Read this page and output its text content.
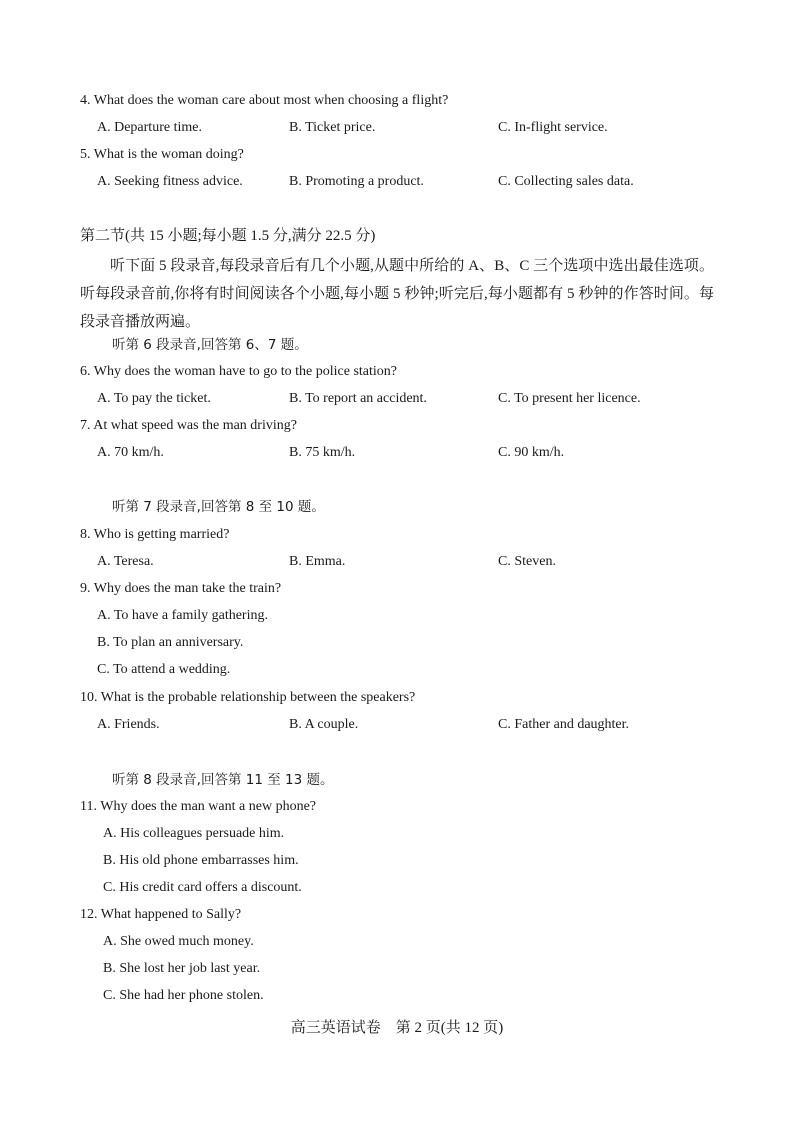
4. What does the woman care about most when choosing a flight?
A. Departure time.	B. Ticket price.	C. In-flight service.
5. What is the woman doing?
A. Seeking fitness advice.	B. Promoting a product.	C. Collecting sales data.
第二节(共 15 小题;每小题 1.5 分,满分 22.5 分)
听下面 5 段录音,每段录音后有几个小题,从题中所给的 A、B、C 三个选项中选出最佳选项。听每段录音前,你将有时间阅读各个小题,每小题 5 秒钟;听完后,每小题都有 5 秒钟的作答时间。每段录音播放两遍。
听第 6 段录音,回答第 6、7 题。
6. Why does the woman have to go to the police station?
A. To pay the ticket.	B. To report an accident.	C. To present her licence.
7. At what speed was the man driving?
A. 70 km/h.	B. 75 km/h.	C. 90 km/h.
听第 7 段录音,回答第 8 至 10 题。
8. Who is getting married?
A. Teresa.	B. Emma.	C. Steven.
9. Why does the man take the train?
A. To have a family gathering.
B. To plan an anniversary.
C. To attend a wedding.
10. What is the probable relationship between the speakers?
A. Friends.	B. A couple.	C. Father and daughter.
听第 8 段录音,回答第 11 至 13 题。
11. Why does the man want a new phone?
A. His colleagues persuade him.
B. His old phone embarrasses him.
C. His credit card offers a discount.
12. What happened to Sally?
A. She owed much money.
B. She lost her job last year.
C. She had her phone stolen.
高三英语试卷　第 2 页(共 12 页)
